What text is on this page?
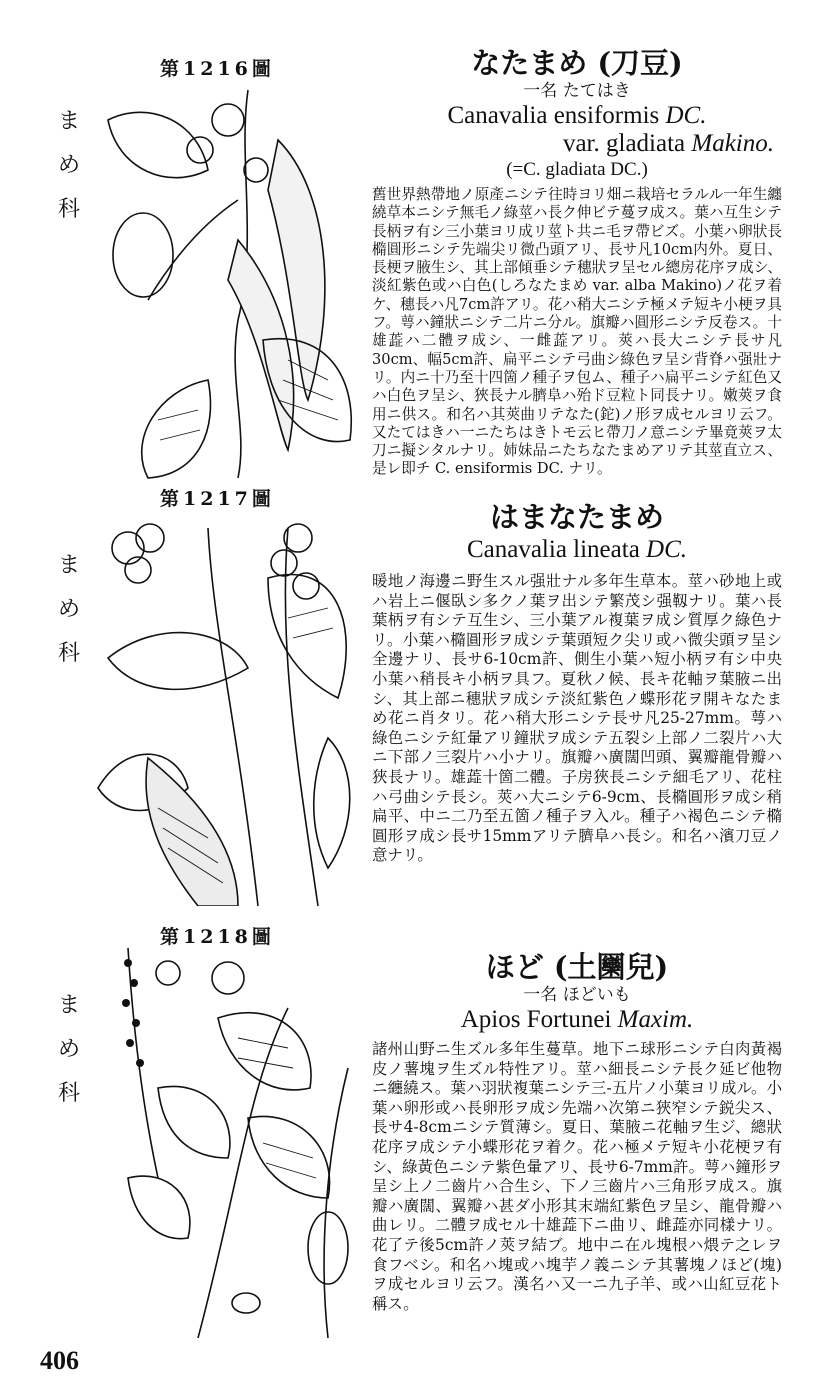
第1216圖
まめ科
なたまめ (刀豆)
一名 たてはき
Canavalia ensiformis DC.
var. gladiata Makino.
(=C. gladiata DC.)
舊世界熱帶地ノ原產ニシテ往時ヨリ畑ニ栽培セラルル一年生纏繞草本ニシテ無毛ノ綠莖ハ長ク伸ビテ蔓ヲ成ス。葉ハ互生シテ長柄ヲ有シ三小葉ヨリ成リ莖ト共ニ毛ヲ帶ビズ。小葉ハ卵狀長橢圓形ニシテ先端尖リ微凸頭アリ、長サ凡10cm内外。夏日、長梗ヲ腋生シ、其上部傾垂シテ穗狀ヲ呈セル總房花序ヲ成シ、淡紅紫色或ハ白色(しろなたまめ var. alba Makino)ノ花ヲ着ケ、穗長ハ凡7cm許アリ。花ハ稍大ニシテ極メテ短キ小梗ヲ具フ。萼ハ鐘狀ニシテ二片ニ分ル。旗瓣ハ圓形ニシテ反卷ス。十雄蕋ハ二體ヲ成シ、一雌蕋アリ。莢ハ長大ニシテ長サ凡30cm、幅5cm許、扁平ニシテ弓曲シ綠色ヲ呈シ背脊ハ强壯ナリ。内ニ十乃至十四箇ノ種子ヲ包ム、種子ハ扁平ニシテ紅色又ハ白色ヲ呈シ、狹長ナル臍阜ハ殆ド豆粒ト同長ナリ。嫩莢ヲ食用ニ供ス。和名ハ其莢曲リテなた(鉈)ノ形ヲ成セルヨリ云フ。又たてはきハ一ニたちはきトモ云ヒ帶刀ノ意ニシテ畢竟莢ヲ太刀ニ擬シタルナリ。姉妹品ニたちなたまめアリテ其莖直立ス、是レ即チ C. ensiformis DC. ナリ。
第1217圖
まめ科
はまなたまめ
Canavalia lineata DC.
暖地ノ海邊ニ野生スル强壯ナル多年生草本。莖ハ砂地上或ハ岩上ニ偃臥シ多クノ葉ヲ出シテ繁茂シ强靱ナリ。葉ハ長葉柄ヲ有シテ互生シ、三小葉アル複葉ヲ成シ質厚ク綠色ナリ。小葉ハ橢圓形ヲ成シテ葉頭短ク尖リ或ハ微尖頭ヲ呈シ全邊ナリ、長サ6-10cm許、側生小葉ハ短小柄ヲ有シ中央小葉ハ稍長キ小柄ヲ具フ。夏秋ノ候、長キ花軸ヲ葉腋ニ出シ、其上部ニ穗狀ヲ成シテ淡紅紫色ノ蝶形花ヲ開キなたまめ花ニ肖タリ。花ハ稍大形ニシテ長サ凡25-27mm。萼ハ綠色ニシテ紅暈アリ鐘狀ヲ成シテ五裂シ上部ノ二裂片ハ大ニ下部ノ三裂片ハ小ナリ。旗瓣ハ廣闊凹頭、翼瓣龍骨瓣ハ狹長ナリ。雄蕋十箇二體。子房狹長ニシテ細毛アリ、花柱ハ弓曲シテ長シ。莢ハ大ニシテ6-9cm、長橢圓形ヲ成シ稍扁平、中ニ二乃至五箇ノ種子ヲ入ル。種子ハ褐色ニシテ橢圓形ヲ成シ長サ15mmアリテ臍阜ハ長シ。和名ハ濱刀豆ノ意ナリ。
第1218圖
まめ科
ほど (土圞兒)
一名 ほどいも
Apios Fortunei Maxim.
諸州山野ニ生ズル多年生蔓草。地下ニ球形ニシテ白肉黃褐皮ノ薯塊ヲ生ズル特性アリ。莖ハ細長ニシテ長ク延ビ他物ニ纏繞ス。葉ハ羽狀複葉ニシテ三-五片ノ小葉ヨリ成ル。小葉ハ卵形或ハ長卵形ヲ成シ先端ハ次第ニ狹窄シテ鋭尖ス、長サ4-8cmニシテ質薄シ。夏日、葉腋ニ花軸ヲ生ジ、總狀花序ヲ成シテ小蝶形花ヲ着ク。花ハ極メテ短キ小花梗ヲ有シ、綠黃色ニシテ紫色暈アリ、長サ6-7mm許。萼ハ鐘形ヲ呈シ上ノ二齒片ハ合生シ、下ノ三齒片ハ三角形ヲ成ス。旗瓣ハ廣闊、翼瓣ハ甚ダ小形其末端紅紫色ヲ呈シ、龍骨瓣ハ曲レリ。二體ヲ成セル十雄蕋下ニ曲リ、雌蕋亦同樣ナリ。花了テ後5cm許ノ莢ヲ結ブ。地中ニ在ル塊根ハ煨テ之レヲ食フベシ。和名ハ塊或ハ塊芋ノ義ニシテ其薯塊ノほど(塊)ヲ成セルヨリ云フ。漢名ハ又一ニ九子羊、或ハ山紅豆花ト稱ス。
406
